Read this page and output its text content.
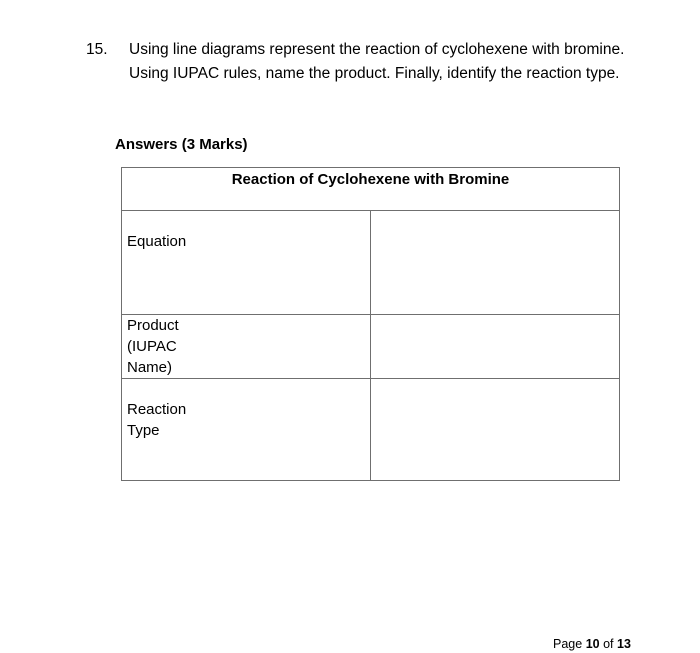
15. Using line diagrams represent the reaction of cyclohexene with bromine.
Using IUPAC rules, name the product. Finally, identify the reaction type.
Answers (3 Marks)
Reaction of Cyclohexene with Bromine	

Equation	

Product
(IUPAC
Name)	

Reaction
Type	

Page 10 of 13
